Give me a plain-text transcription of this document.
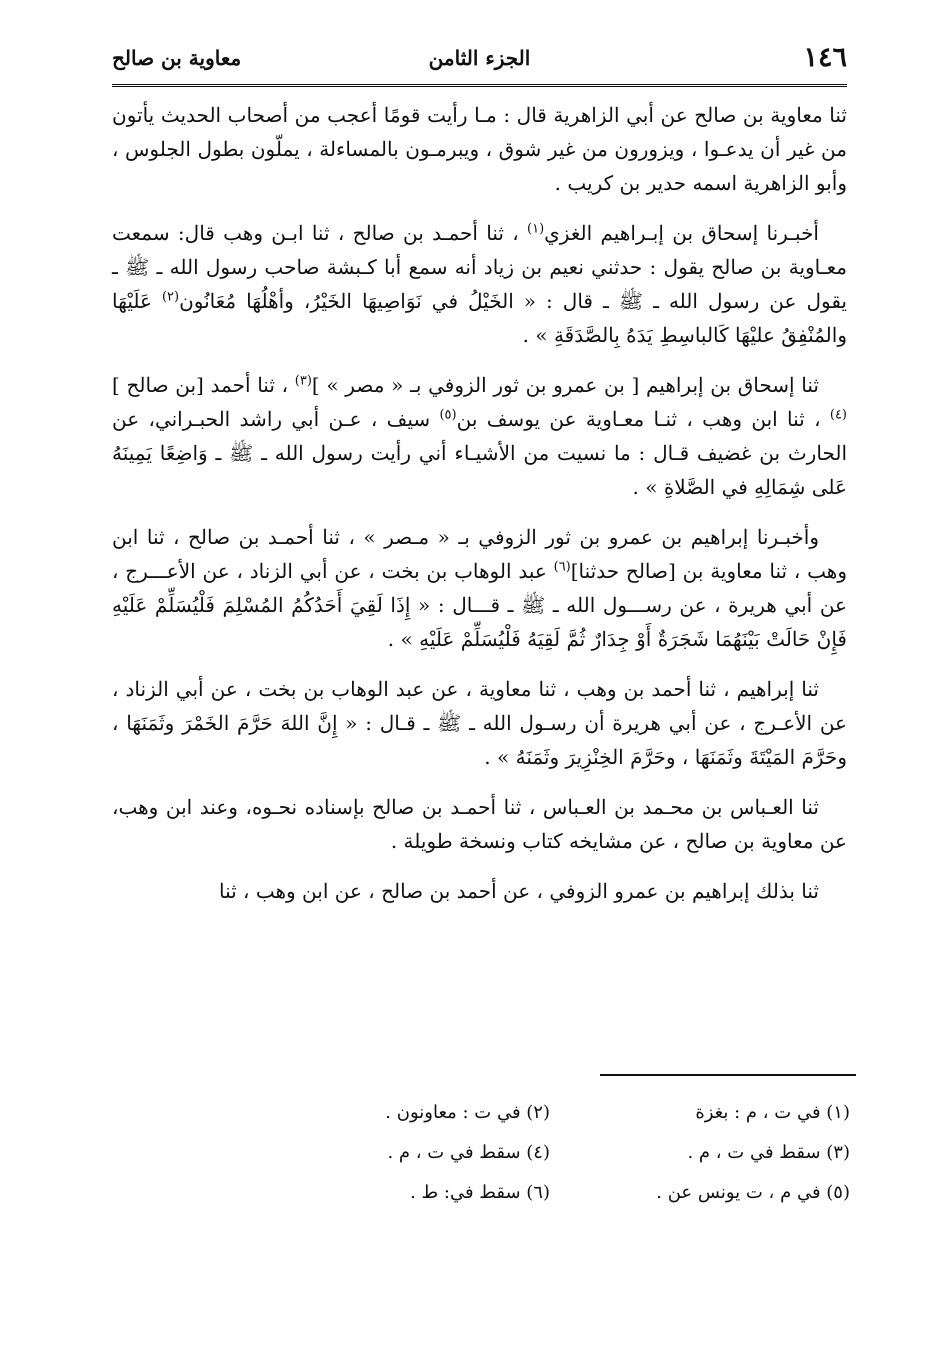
١٤٦
الجزء الثامن
معاوية بن صالح

ثنا معاوية بن صالح عن أبي الزاهرية قال : مـا رأيت قومًا أعجب من أصحاب الحديث يأتون من غير أن يدعـوا ، ويزورون من غير شوق ، ويبرمـون بالمساءلة ، يملّون بطول الجلوس ، وأبو الزاهرية اسمه حدير بن كريب .

أخبـرنا إسحاق بن إبـراهيم الغزي$^{(١)}$ ، ثنا أحمـد بن صالح ، ثنا ابـن وهب قال: سمعت معـاوية بن صالح يقول : حدثني نعيم بن زياد أنه سمع أبا كـبشة صاحب رسول الله ـ ﷺ ـ يقول عن رسول الله ـ ﷺ ـ قال : « الخَيْلُ في نَوَاصِيهَا الخَيْرُ، وأهْلُهَا مُعَانُون$^{(٢)}$ عَلَيْهَا والمُنْفِقُ عليْهَا كَالباسِطِ يَدَهُ بِالصَّدَقَةِ » .

ثنا إسحاق بن إبراهيم [ بن عمرو بن ثور الزوفي بـ « مصر » ]$^{(٣)}$ ، ثنا أحمد [بن صالح ]$^{(٤)}$ ، ثنا ابن وهب ، ثنـا معـاوية عن يوسف بن$^{(٥)}$ سيف ، عـن أبي راشد الحبـراني، عن الحارث بن غضيف قـال : ما نسيت من الأشيـاء أني رأيت رسول الله ـ ﷺ ـ وَاضِعًا يَمِينَهُ عَلى شِمَالِهِ في الصَّلاةِ » .

وأخبـرنا إبراهيم بن عمرو بن ثور الزوفي بـ « مـصر » ، ثنا أحمـد بن صالح ، ثنا ابن وهب ، ثنا معاوية بن [صالح حدثنا]$^{(٦)}$ عبد الوهاب بن بخت ، عن أبي الزناد ، عن الأعـــرج ، عن أبي هريرة ، عن رســـول الله ـ ﷺ ـ قـــال : « إِذَا لَقِيَ أَحَدُكُمُ المُسْلِمَ فَلْيُسَلِّمْ عَلَيْهِ فَإِنْ حَالَتْ بَيْنَهُمَا شَجَرَةٌ أَوْ جِدَارٌ ثُمَّ لَقِيَهُ فَلْيُسَلِّمْ عَلَيْهِ » .

ثنا إبراهيم ، ثنا أحمد بن وهب ، ثنا معاوية ، عن عبد الوهاب بن بخت ، عن أبي الزناد ، عن الأعـرج ، عن أبي هريرة أن رسـول الله ـ ﷺ ـ قـال : « إِنَّ اللهَ حَرَّمَ الخَمْرَ وثَمَنَهَا ، وحَرَّمَ المَيْتَةَ وثَمَنَهَا ، وحَرَّمَ الخِنْزِيرَ وثَمَنَهُ » .

ثنا العـباس بن محـمد بن العـباس ، ثنا أحمـد بن صالح بإسناده نحـوه، وعند ابن وهب، عن معاوية بن صالح ، عن مشايخه كتاب ونسخة طويلة .

ثنا بذلك إبراهيم بن عمرو الزوفي ، عن أحمد بن صالح ، عن ابن وهب ، ثنا

(١) في ت ، م : بغزة
(٢) في ت : معاونون .
(٣) سقط في ت ، م .
(٤) سقط في ت ، م .
(٥) في م ، ت يونس عن .
(٦) سقط في: ط .
